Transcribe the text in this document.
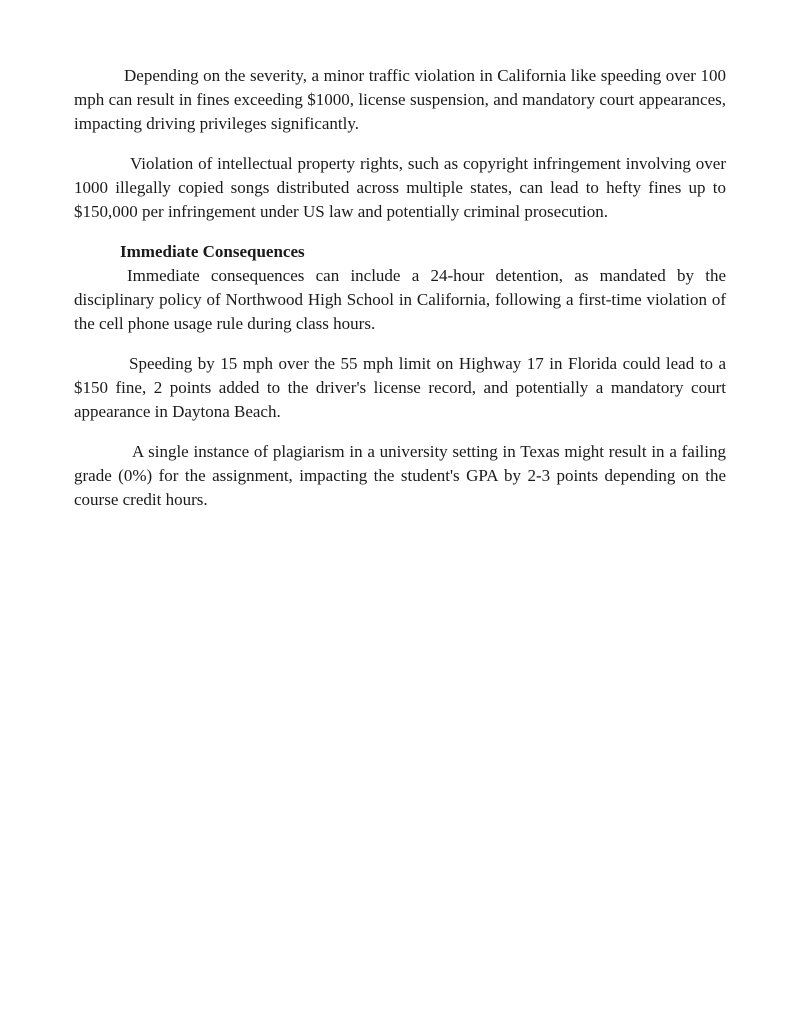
Depending on the severity, a minor traffic violation in California like speeding over 100 mph can result in fines exceeding $1000, license suspension, and mandatory court appearances, impacting driving privileges significantly.

Violation of intellectual property rights, such as copyright infringement involving over 1000 illegally copied songs distributed across multiple states, can lead to hefty fines up to $150,000 per infringement under US law and potentially criminal prosecution.

Immediate Consequences

Immediate consequences can include a 24-hour detention, as mandated by the disciplinary policy of Northwood High School in California, following a first-time violation of the cell phone usage rule during class hours.

Speeding by 15 mph over the 55 mph limit on Highway 17 in Florida could lead to a $150 fine, 2 points added to the driver's license record, and potentially a mandatory court appearance in Daytona Beach.

A single instance of plagiarism in a university setting in Texas might result in a failing grade (0%) for the assignment, impacting the student's GPA by 2-3 points depending on the course credit hours.
